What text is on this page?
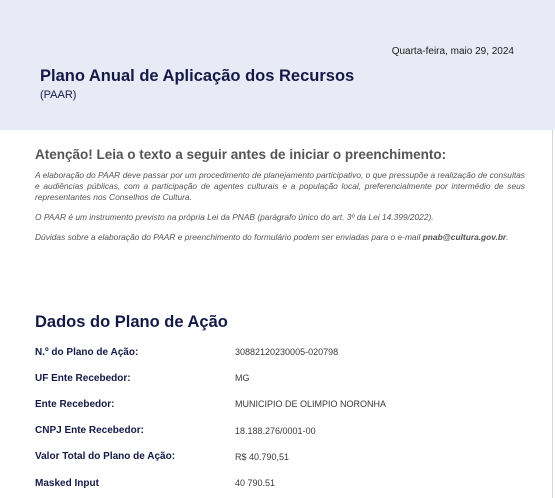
Quarta-feira, maio 29, 2024
Plano Anual de Aplicação dos Recursos
(PAAR)
Atenção! Leia o texto a seguir antes de iniciar o preenchimento:

A elaboração do PAAR deve passar por um procedimento de planejamento participativo, o que pressupõe a realização de consultas e audiências públicas, com a participação de agentes culturais e a população local, preferencialmente por intermédio de seus representantes nos Conselhos de Cultura.

O PAAR é um instrumento previsto na própria Lei da PNAB (parágrafo único do art. 3º da Lei 14.399/2022).

Dúvidas sobre a elaboração do PAAR e preenchimento do formulário podem ser enviadas para o e-mail pnab@cultura.gov.br.

Dados do Plano de Ação
N.º do Plano de Ação:	30882120230005-020798
UF Ente Recebedor:	MG
Ente Recebedor:	MUNICIPIO DE OLIMPIO NORONHA
CNPJ Ente Recebedor:	18.188.276/0001-00
Valor Total do Plano de Ação:	R$ 40.790,51
Masked Input	40 790.51
